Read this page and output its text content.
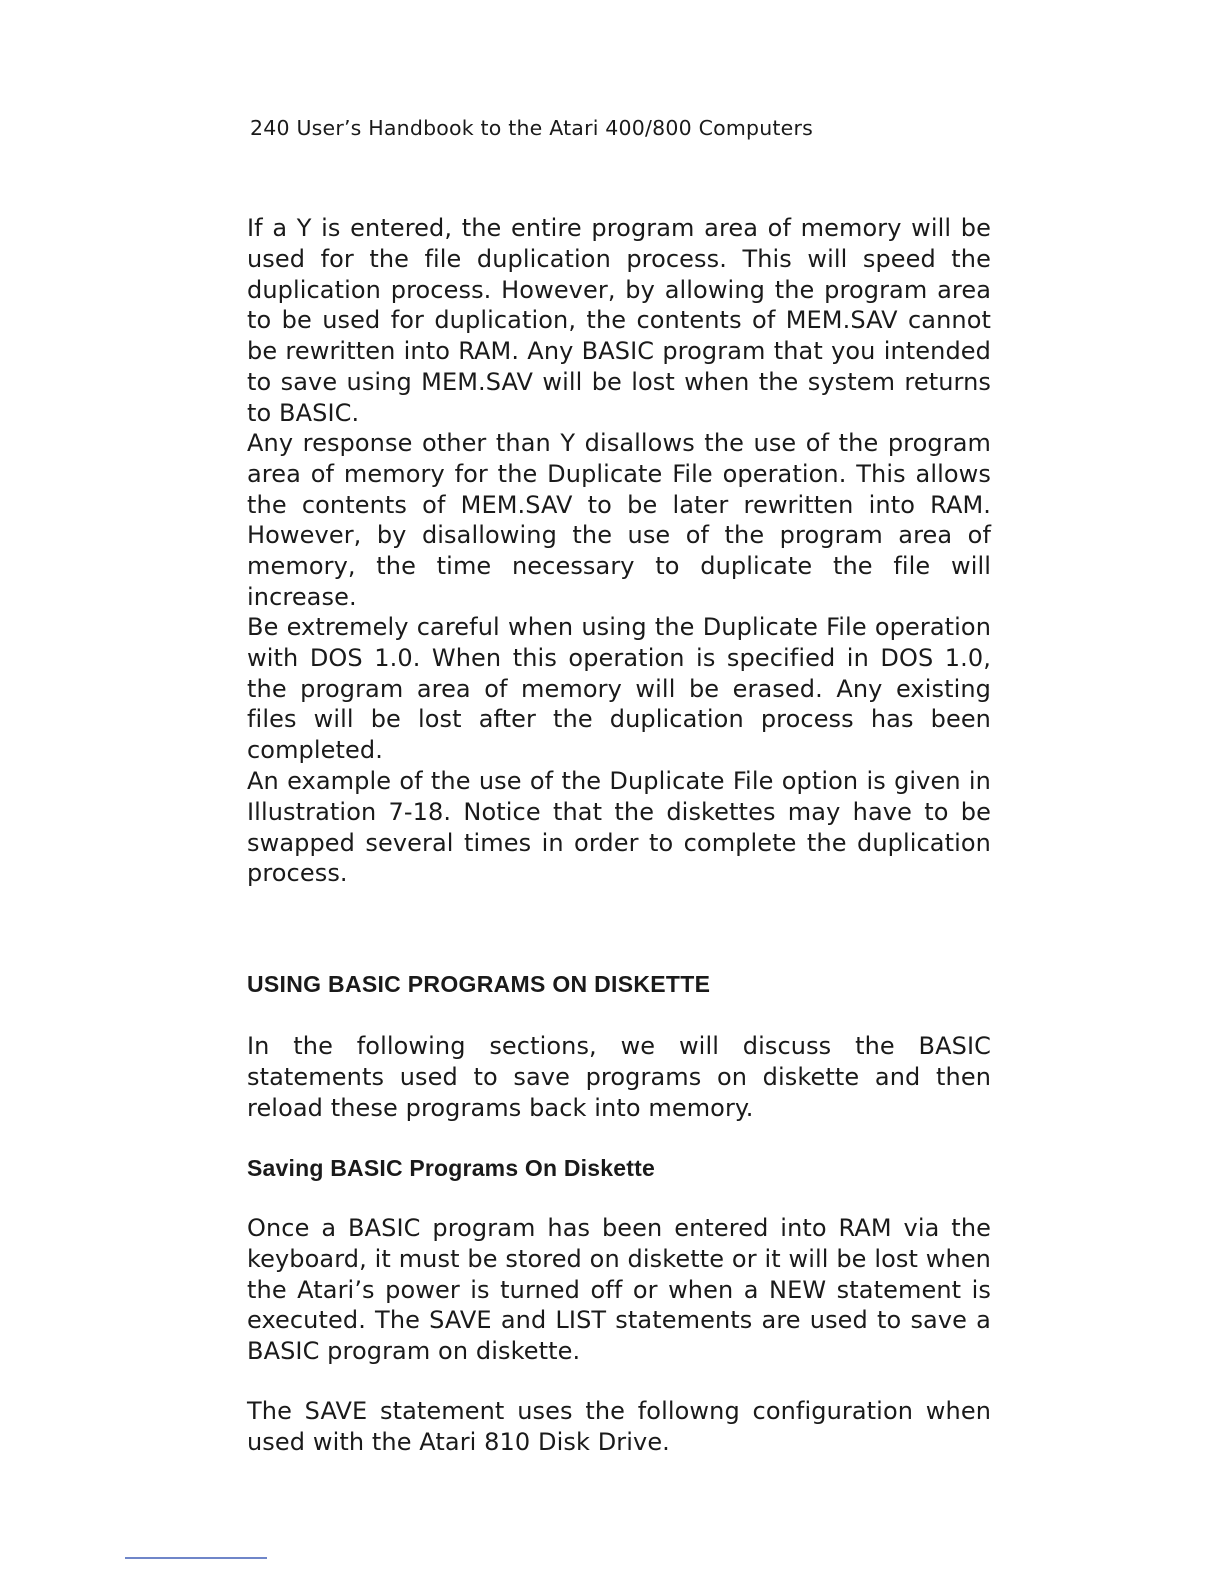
240 User’s Handbook to the Atari 400/800 Computers

If a Y is entered, the entire program area of memory will be used for the file duplication process. This will speed the duplication process. However, by allowing the program area to be used for duplication, the contents of MEM.SAV cannot be rewritten into RAM. Any BASIC program that you intended to save using MEM.SAV will be lost when the system returns to BASIC.

Any response other than Y disallows the use of the program area of memory for the Duplicate File operation. This allows the contents of MEM.SAV to be later rewritten into RAM. However, by disallowing the use of the program area of memory, the time necessary to duplicate the file will increase.

Be extremely careful when using the Duplicate File operation with DOS 1.0. When this operation is specified in DOS 1.0, the program area of memory will be erased. Any existing files will be lost after the duplication process has been completed.

An example of the use of the Duplicate File option is given in Illustration 7-18. Notice that the diskettes may have to be swapped several times in order to complete the duplication process.

USING BASIC PROGRAMS ON DISKETTE

In the following sections, we will discuss the BASIC statements used to save programs on diskette and then reload these programs back into memory.

Saving BASIC Programs On Diskette

Once a BASIC program has been entered into RAM via the keyboard, it must be stored on diskette or it will be lost when the Atari’s power is turned off or when a NEW statement is executed. The SAVE and LIST statements are used to save a BASIC program on diskette.

The SAVE statement uses the followng configuration when used with the Atari 810 Disk Drive.
